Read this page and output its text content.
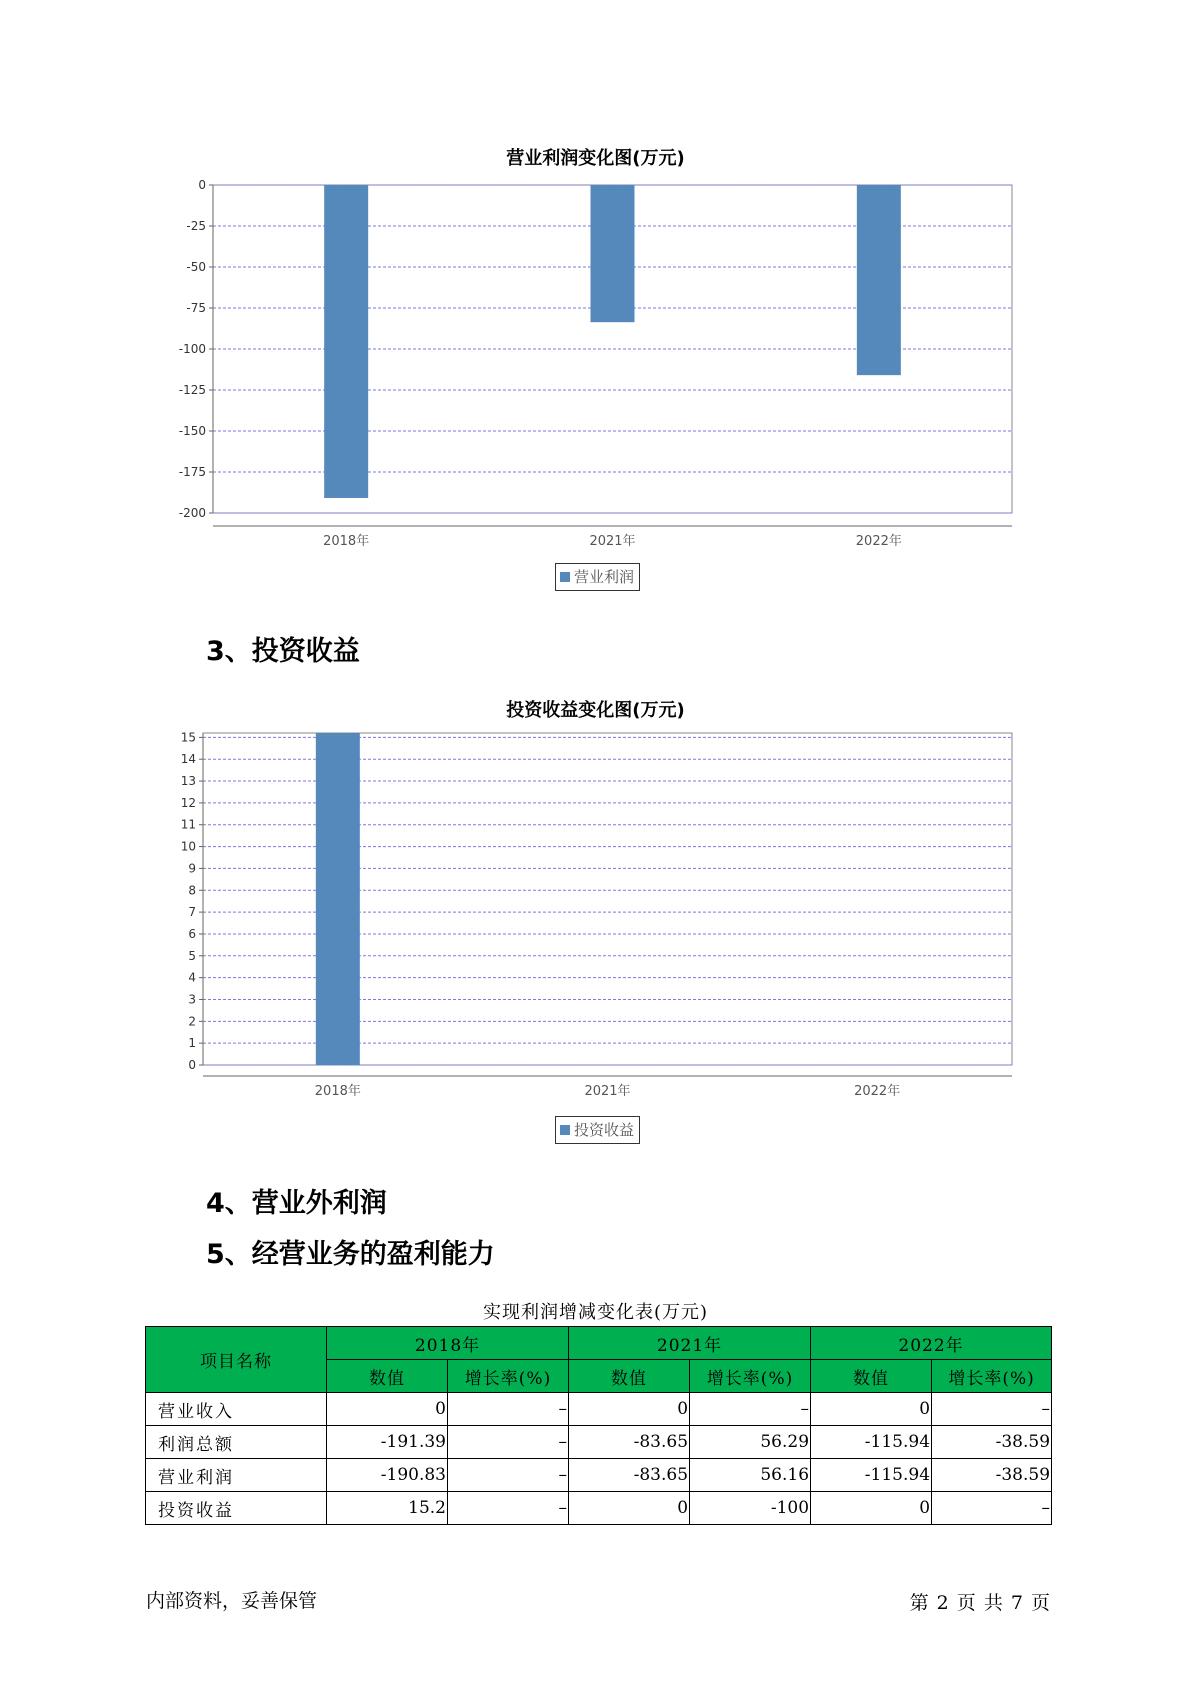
营业利润变化图(万元)
0
-25
-50
-75
-100
-125
-150
-175
-200
2018年	2021年	2022年
营业利润
3、投资收益
投资收益变化图(万元)
0
1
2
3
4
5
6
7
8
9
10
11
12
13
14
15
2018年	2021年	2022年
投资收益
4、营业外利润
5、经营业务的盈利能力
实现利润增减变化表(万元)
项目名称	2018年		2021年		2022年	
	数值	增长率(%)	数值	增长率(%)	数值	增长率(%)
营业收入	0	–	0	–	0	–
利润总额	-191.39	–	-83.65	56.29	-115.94	-38.59
营业利润	-190.83	–	-83.65	56.16	-115.94	-38.59
投资收益	15.2	–	0	-100	0	–
内部资料，妥善保管	第 2 页 共 7 页
